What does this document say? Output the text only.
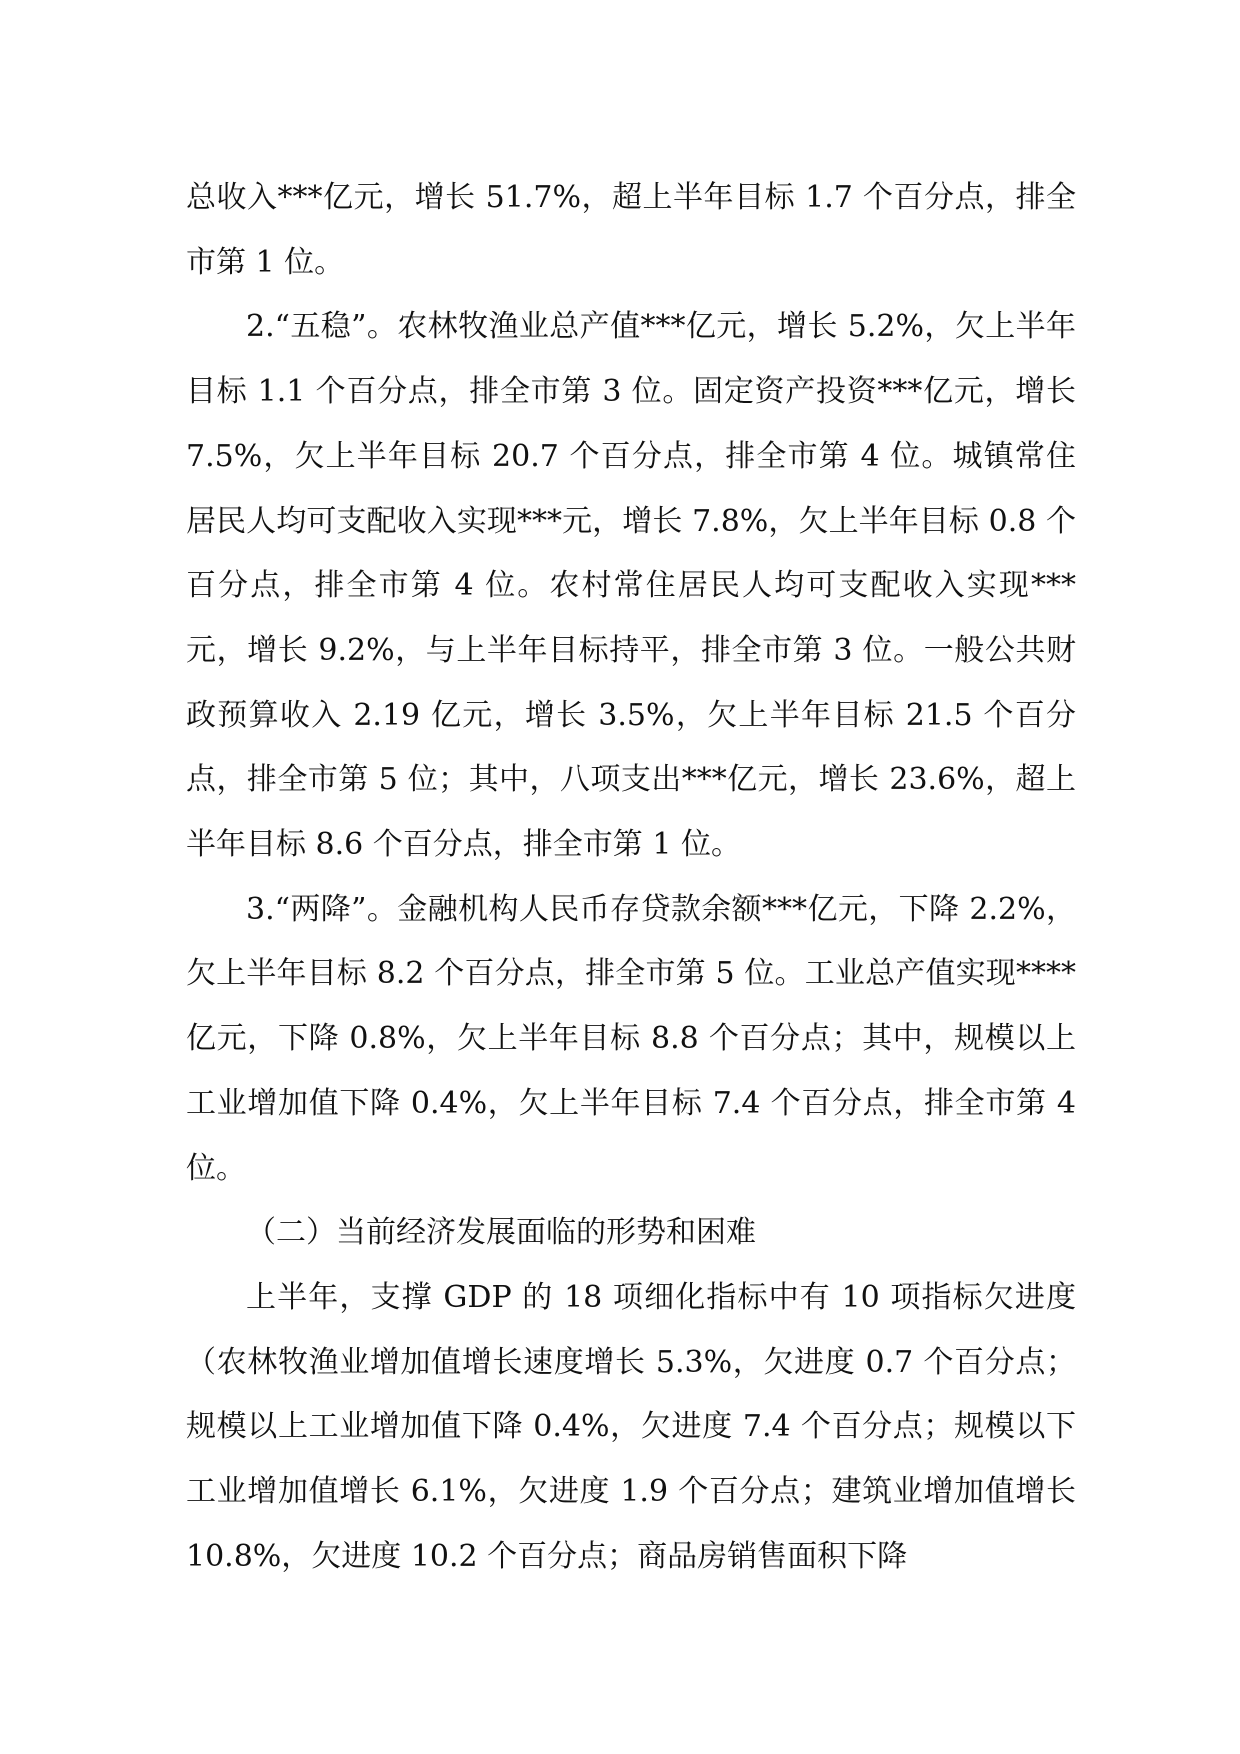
总收入***亿元，增长 51.7%，超上半年目标 1.7 个百分点，排全市第 1 位。

2.“五稳”。农林牧渔业总产值***亿元，增长 5.2%，欠上半年目标 1.1 个百分点，排全市第 3 位。固定资产投资***亿元，增长 7.5%，欠上半年目标 20.7 个百分点，排全市第 4 位。城镇常住居民人均可支配收入实现***元，增长 7.8%，欠上半年目标 0.8 个百分点，排全市第 4 位。农村常住居民人均可支配收入实现***元，增长 9.2%，与上半年目标持平，排全市第 3 位。一般公共财政预算收入 2.19 亿元，增长 3.5%，欠上半年目标 21.5 个百分点，排全市第 5 位；其中，八项支出***亿元，增长 23.6%，超上半年目标 8.6 个百分点，排全市第 1 位。

3.“两降”。金融机构人民币存贷款余额***亿元，下降 2.2%，欠上半年目标 8.2 个百分点，排全市第 5 位。工业总产值实现****亿元，下降 0.8%，欠上半年目标 8.8 个百分点；其中，规模以上工业增加值下降 0.4%，欠上半年目标 7.4 个百分点，排全市第 4 位。

（二）当前经济发展面临的形势和困难

上半年，支撑 GDP 的 18 项细化指标中有 10 项指标欠进度（农林牧渔业增加值增长速度增长 5.3%，欠进度 0.7 个百分点；规模以上工业增加值下降 0.4%，欠进度 7.4 个百分点；规模以下工业增加值增长 6.1%，欠进度 1.9 个百分点；建筑业增加值增长 10.8%，欠进度 10.2 个百分点；商品房销售面积下降
